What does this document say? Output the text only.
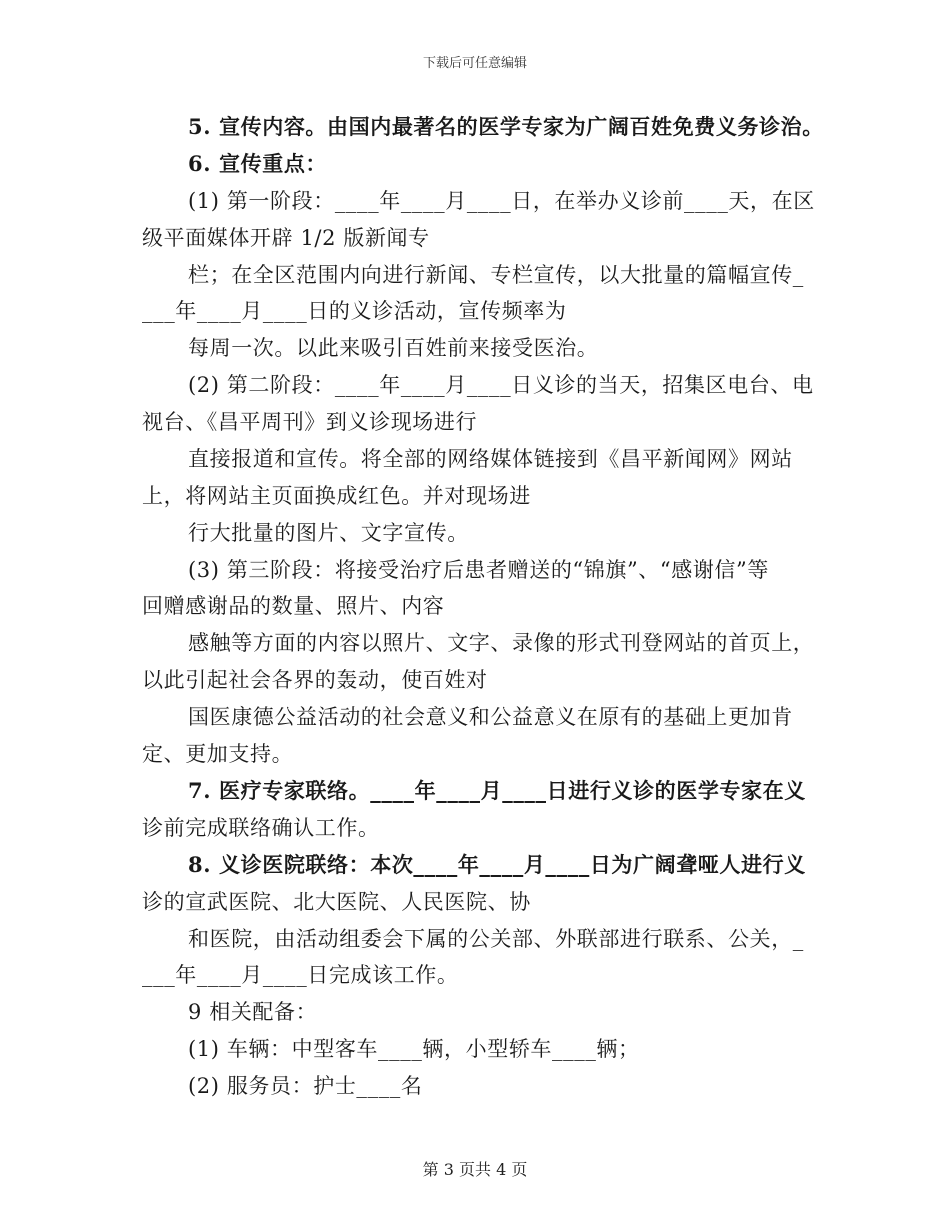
下载后可任意编辑
5. 宣传内容。由国内最著名的医学专家为广阔百姓免费义务诊治。
6. 宣传重点：
(1) 第一阶段：____年____月____日，在举办义诊前____天，在区
级平面媒体开辟 1/2 版新闻专
栏；在全区范围内向进行新闻、专栏宣传，以大批量的篇幅宣传_
___年____月____日的义诊活动，宣传频率为
每周一次。以此来吸引百姓前来接受医治。
(2) 第二阶段：____年____月____日义诊的当天，招集区电台、电
视台、《昌平周刊》到义诊现场进行
直接报道和宣传。将全部的网络媒体链接到《昌平新闻网》网站
上，将网站主页面换成红色。并对现场进
行大批量的图片、文字宣传。
(3) 第三阶段：将接受治疗后患者赠送的“锦旗”、“感谢信”等
回赠感谢品的数量、照片、内容
感触等方面的内容以照片、文字、录像的形式刊登网站的首页上，
以此引起社会各界的轰动，使百姓对
国医康德公益活动的社会意义和公益意义在原有的基础上更加肯
定、更加支持。
7. 医疗专家联络。____年____月____日进行义诊的医学专家在义
诊前完成联络确认工作。
8. 义诊医院联络：本次____年____月____日为广阔聋哑人进行义
诊的宣武医院、北大医院、人民医院、协
和医院，由活动组委会下属的公关部、外联部进行联系、公关，_
___年____月____日完成该工作。
9 相关配备：
(1) 车辆：中型客车____辆，小型轿车____辆；
(2) 服务员：护士____名
第 3 页共 4 页
